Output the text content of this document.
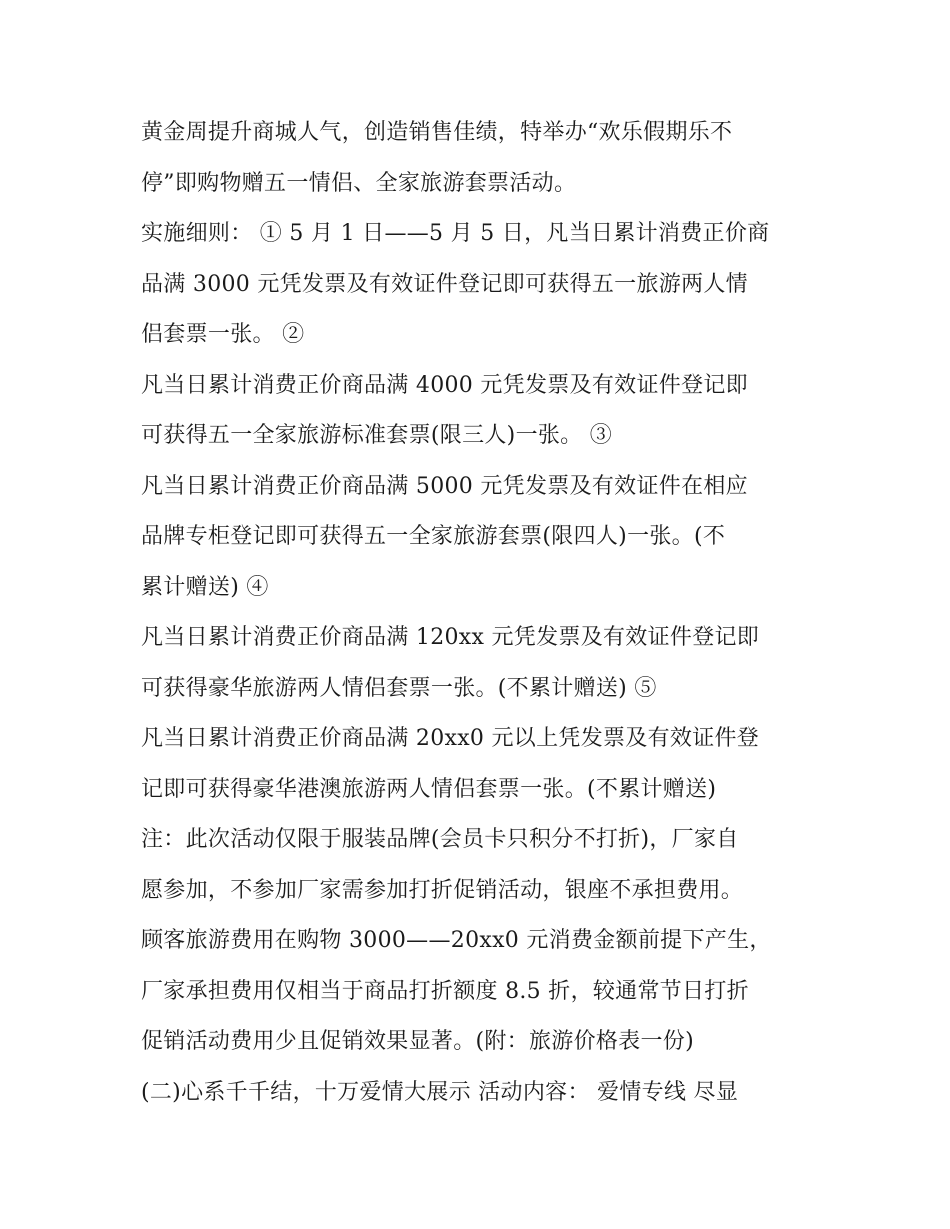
黄金周提升商城人气，创造销售佳绩，特举办“欢乐假期乐不
停”即购物赠五一情侣、全家旅游套票活动。
实施细则： ① 5 月 1 日——5 月 5 日，凡当日累计消费正价商
品满 3000 元凭发票及有效证件登记即可获得五一旅游两人情
侣套票一张。 ②
凡当日累计消费正价商品满 4000 元凭发票及有效证件登记即
可获得五一全家旅游标准套票(限三人)一张。 ③
凡当日累计消费正价商品满 5000 元凭发票及有效证件在相应
品牌专柜登记即可获得五一全家旅游套票(限四人)一张。(不
累计赠送) ④
凡当日累计消费正价商品满 120xx 元凭发票及有效证件登记即
可获得豪华旅游两人情侣套票一张。(不累计赠送) ⑤
凡当日累计消费正价商品满 20xx0 元以上凭发票及有效证件登
记即可获得豪华港澳旅游两人情侣套票一张。(不累计赠送)
注：此次活动仅限于服装品牌(会员卡只积分不打折)，厂家自
愿参加，不参加厂家需参加打折促销活动，银座不承担费用。
顾客旅游费用在购物 3000——20xx0 元消费金额前提下产生，
厂家承担费用仅相当于商品打折额度 8.5 折，较通常节日打折
促销活动费用少且促销效果显著。(附：旅游价格表一份)
(二)心系千千结，十万爱情大展示 活动内容： 爱情专线 尽显
